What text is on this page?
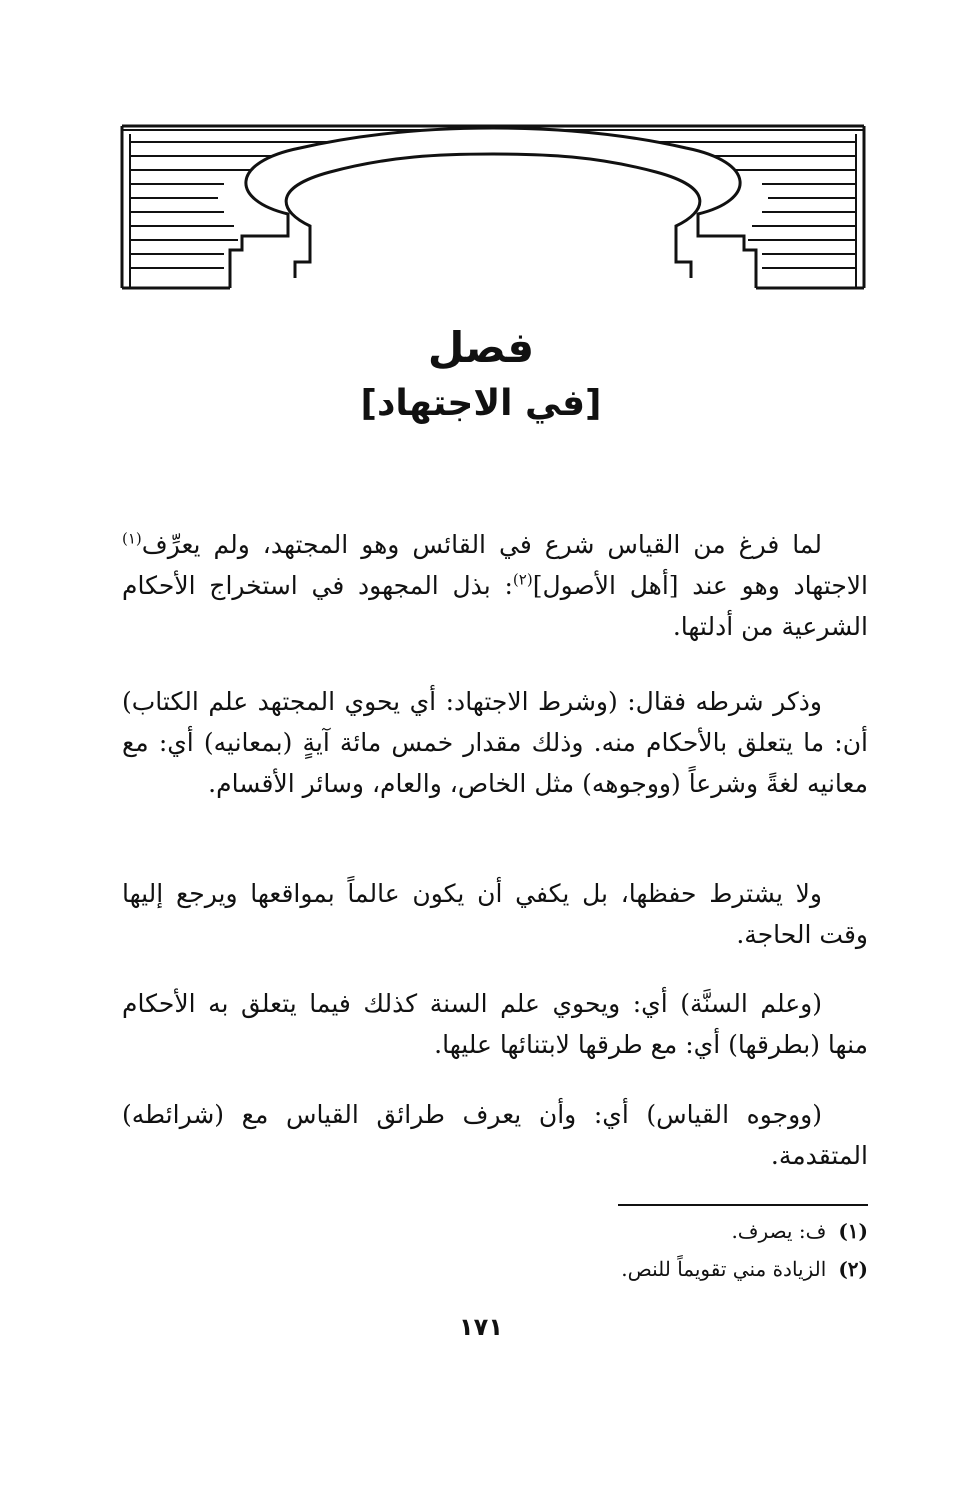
فصل
[في الاجتهاد]

لما فرغ من القياس شرع في القائس وهو المجتهد، ولم يعرِّف$^{(١)}$ الاجتهاد وهو عند [أهل الأصول]$^{(٢)}$: بذل المجهود في استخراج الأحكام الشرعية من أدلتها.

وذكر شرطه فقال: (وشرط الاجتهاد: أي يحوي المجتهد علم الكتاب) أن: ما يتعلق بالأحكام منه. وذلك مقدار خمس مائة آيةٍ (بمعانيه) أي: مع معانيه لغةً وشرعاً (ووجوهه) مثل الخاص، والعام، وسائر الأقسام.

ولا يشترط حفظها، بل يكفي أن يكون عالماً بمواقعها ويرجع إليها وقت الحاجة.

(وعلم السنَّة) أي: ويحوي علم السنة كذلك فيما يتعلق به الأحكام منها (بطرقها) أي: مع طرقها لابتنائها عليها.

(ووجوه القياس) أي: وأن يعرف طرائق القياس مع (شرائطه) المتقدمة.

(١)ف: يصرف.
(٢)الزيادة مني تقويماً للنص.
١٧١
